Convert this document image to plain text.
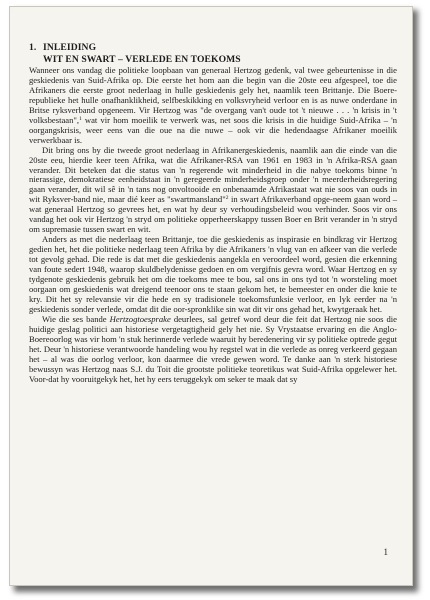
1. INLEIDING
WIT EN SWART – VERLEDE EN TOEKOMS

Wanneer ons vandag die politieke loopbaan van generaal Hertzog gedenk, val twee gebeurtenisse in die geskiedenis van Suid-Afrika op. Die eerste het hom aan die begin van die 20ste eeu afgespeel, toe die Afrikaners die eerste groot nederlaag in hulle geskiedenis gely het, naamlik teen Brittanje. Die Boere-republieke het hulle onafhanklikheid, selfbeskikking en volksvryheid verloor en is as nuwe onderdane in Britse ryksverband opgeneem. Vir Hertzog was "de overgang van't oude tot 't nieuwe . . . 'n krisis in 't volksbestaan",$^1$ wat vir hom moeilik te verwerk was, net soos die krisis in die huidige Suid-Afrika – 'n oorgangskrisis, weer eens van die oue na die nuwe – ook vir die hedendaagse Afrikaner moeilik verwerkbaar is.

Dit bring ons by die tweede groot nederlaag in Afrikanergeskiedenis, naamlik aan die einde van die 20ste eeu, hierdie keer teen Afrika, wat die Afrikaner-RSA van 1961 en 1983 in 'n Afrika-RSA gaan verander. Dit beteken dat die status van 'n regerende wit minderheid in die nabye toekoms binne 'n nierassige, demokratiese eenheidstaat in 'n geregeerde minderheidsgroep onder 'n meerderheidsregering gaan verander, dit wil sê in 'n tans nog onvoltooide en onbenaamde Afrikastaat wat nie soos van ouds in wit Ryksver-band nie, maar dié keer as "swartmansland"$^2$ in swart Afrikaverband opge-neem gaan word – wat generaal Hertzog so gevrees het, en wat hy deur sy verhoudingsbeleid wou verhinder. Soos vir ons vandag het ook vir Hertzog 'n stryd om politieke opperheerskappy tussen Boer en Brit verander in 'n stryd om supremasie tussen swart en wit.

Anders as met die nederlaag teen Brittanje, toe die geskiedenis as inspirasie en bindkrag vir Hertzog gedien het, het die politieke nederlaag teen Afrika by die Afrikaners 'n vlug van en afkeer van die verlede tot gevolg gehad. Die rede is dat met die geskiedenis aangekla en veroordeel word, gesien die erkenning van foute sedert 1948, waarop skuldbelydenisse gedoen en om vergifnis gevra word. Waar Hertzog en sy tydgenote geskiedenis gebruik het om die toekoms mee te bou, sal ons in ons tyd tot 'n worsteling moet oorgaan om geskiedenis wat dreigend teenoor ons te staan gekom het, te bemeester en onder die knie te kry. Dit het sy relevansie vir die hede en sy tradisionele toekomsfunksie verloor, en lyk eerder na 'n geskiedenis sonder verlede, omdat dit die oor-spronklike sin wat dit vir ons gehad het, kwytgeraak het.

Wie die ses bande Hertzogtoesprake deurlees, sal getref word deur die feit dat Hertzog nie soos die huidige geslag politici aan historiese vergetagtigheid gely het nie. Sy Vrystaatse ervaring en die Anglo-Boereoorlog was vir hom 'n stuk herinnerde verlede waaruit hy beredenering vir sy politieke optrede gegut het. Deur 'n historiese verantwoorde handeling wou hy regstel wat in die verlede as onreg verkeerd gegaan het – al was die oorlog verloor, kon daarmee die vrede gewen word. Te danke aan 'n sterk historiese bewussyn was Hertzog naas S.J. du Toit die grootste politieke teoretikus wat Suid-Afrika opgelewer het. Voor-dat hy vooruitgekyk het, het hy eers teruggekyk om seker te maak dat sy

1
